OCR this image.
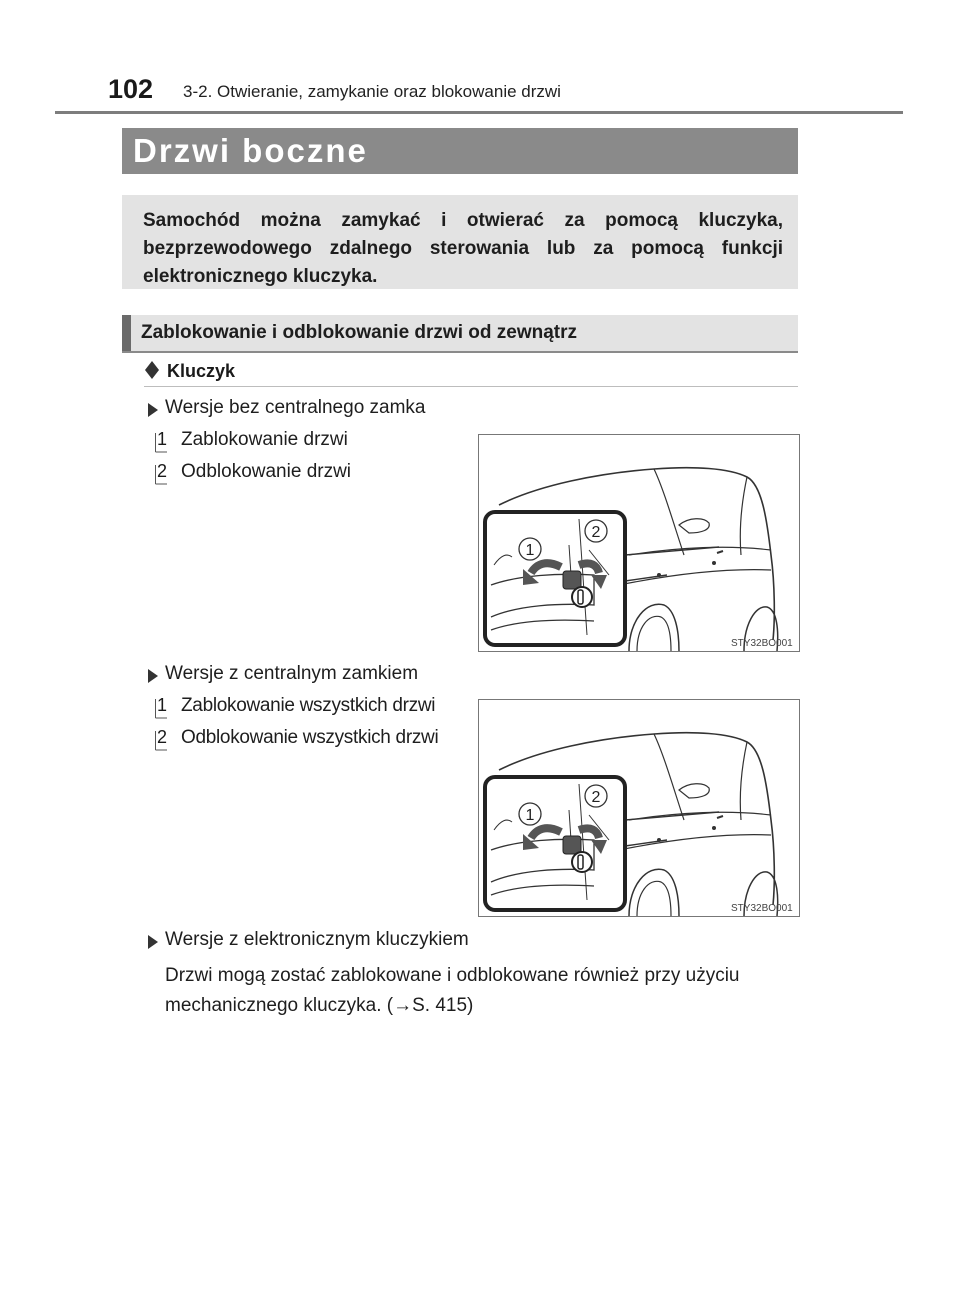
102 3-2. Otwieranie, zamykanie oraz blokowanie drzwi
Drzwi boczne
Samochód można zamykać i otwierać za pomocą kluczyka, bezprzewodowego zdalnego sterowania lub za pomocą funkcji elektronicznego kluczyka.
Zablokowanie i odblokowanie drzwi od zewnątrz
Kluczyk
Wersje bez centralnego zamka
1 Zablokowanie drzwi
2 Odblokowanie drzwi
1
2
STY32BO001
Wersje z centralnym zamkiem
1 Zablokowanie wszystkich drzwi
2 Odblokowanie wszystkich drzwi
1
2
STY32BO001
Wersje z elektronicznym kluczykiem
Drzwi mogą zostać zablokowane i odblokowane również przy użyciu mechanicznego kluczyka. (→S. 415)
